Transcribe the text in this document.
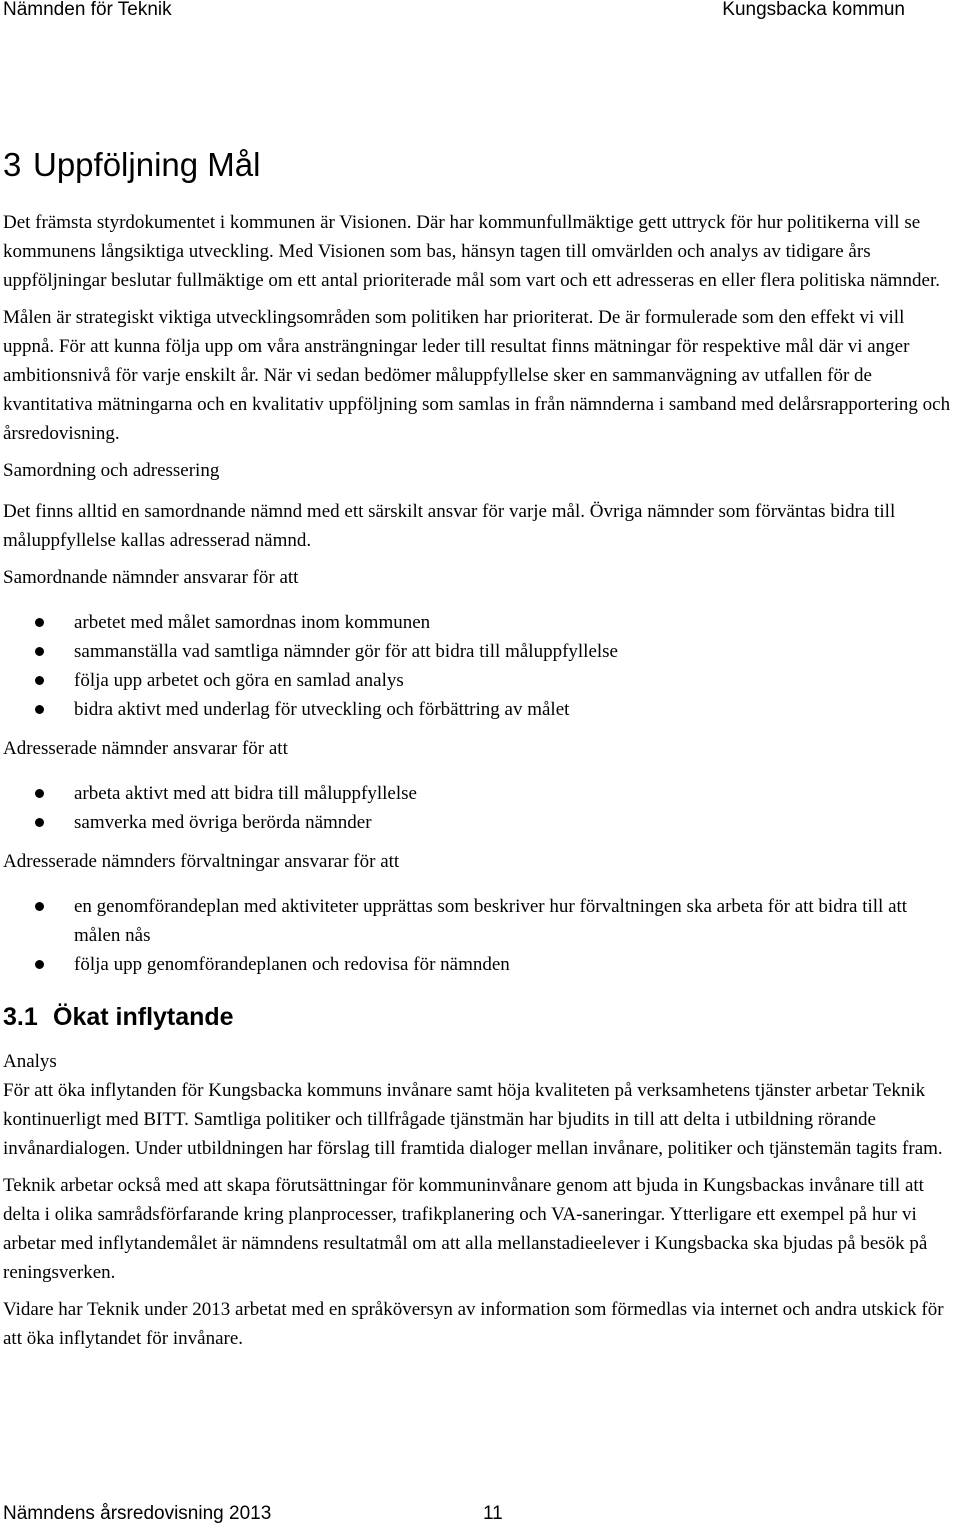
Nämnden för Teknik	Kungsbacka kommun
3 Uppföljning Mål

Det främsta styrdokumentet i kommunen är Visionen. Där har kommunfullmäktige gett uttryck för hur politikerna vill se kommunens långsiktiga utveckling. Med Visionen som bas, hänsyn tagen till omvärlden och analys av tidigare års uppföljningar beslutar fullmäktige om ett antal prioriterade mål som vart och ett adresseras en eller flera politiska nämnder.

Målen är strategiskt viktiga utvecklingsområden som politiken har prioriterat. De är formulerade som den effekt vi vill uppnå. För att kunna följa upp om våra ansträngningar leder till resultat finns mätningar för respektive mål där vi anger ambitionsnivå för varje enskilt år. När vi sedan bedömer måluppfyllelse sker en sammanvägning av utfallen för de kvantitativa mätningarna och en kvalitativ uppföljning som samlas in från nämnderna i samband med delårsrapportering och årsredovisning.

Samordning och adressering

Det finns alltid en samordnande nämnd med ett särskilt ansvar för varje mål. Övriga nämnder som förväntas bidra till måluppfyllelse kallas adresserad nämnd.

Samordnande nämnder ansvarar för att

arbetet med målet samordnas inom kommunen
sammanställa vad samtliga nämnder gör för att bidra till måluppfyllelse
följa upp arbetet och göra en samlad analys
bidra aktivt med underlag för utveckling och förbättring av målet

Adresserade nämnder ansvarar för att

arbeta aktivt med att bidra till måluppfyllelse
samverka med övriga berörda nämnder

Adresserade nämnders förvaltningar ansvarar för att

en genomförandeplan med aktiviteter upprättas som beskriver hur förvaltningen ska arbeta för att bidra till att målen nås
följa upp genomförandeplanen och redovisa för nämnden
3.1 Ökat inflytande

Analys

För att öka inflytanden för Kungsbacka kommuns invånare samt höja kvaliteten på verksamhetens tjänster arbetar Teknik kontinuerligt med BITT. Samtliga politiker och tillfrågade tjänstmän har bjudits in till att delta i utbildning rörande invånardialogen. Under utbildningen har förslag till framtida dialoger mellan invånare, politiker och tjänstemän tagits fram.

Teknik arbetar också med att skapa förutsättningar för kommuninvånare genom att bjuda in Kungsbackas invånare till att delta i olika samrådsförfarande kring planprocesser, trafikplanering och VA-saneringar. Ytterligare ett exempel på hur vi arbetar med inflytandemålet är nämndens resultatmål om att alla mellanstadieelever i Kungsbacka ska bjudas på besök på reningsverken.

Vidare har Teknik under 2013 arbetat med en språköversyn av information som förmedlas via internet och andra utskick för att öka inflytandet för invånare.

Nämndens årsredovisning 2013	11
